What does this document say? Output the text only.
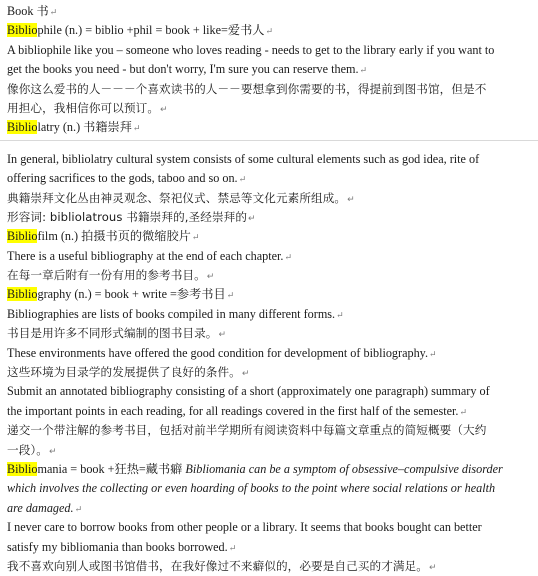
Book 书↵
Bibliophile (n.) = biblio +phil = book + like=爱书人↵
A bibliophile like you – someone who loves reading - needs to get to the library early if you want to
get the books you need - but don't worry, I'm sure you can reserve them.↵
像你这么爱书的人－－－个喜欢读书的人－－要想拿到你需要的书，得提前到图书馆，但是不
用担心，我相信你可以预订。↵
Bibliolatry (n.) 书籍崇拜↵
In general, bibliolatry cultural system consists of some cultural elements such as god idea, rite of
offering sacrifices to the gods, taboo and so on.↵
典籍崇拜文化丛由神灵观念、祭祀仪式、禁忌等文化元素所组成。↵
形容词: bibliolatrous 书籍崇拜的,圣经崇拜的↵
Bibliofilm (n.) 拍摄书页的微缩胶片↵
There is a useful bibliography at the end of each chapter.↵
在每一章后附有一份有用的参考书目。↵
Bibliography (n.) = book + write =参考书目↵
Bibliographies are lists of books compiled in many different forms.↵
书目是用许多不同形式编制的图书目录。↵
These environments have offered the good condition for development of bibliography.↵
这些环境为目录学的发展提供了良好的条件。↵
Submit an annotated bibliography consisting of a short (approximately one paragraph) summary of
the important points in each reading, for all readings covered in the first half of the semester.↵
递交一个带注解的参考书目，包括对前半学期所有阅读资料中每篇文章重点的简短概要（大约
一段）。↵
Bibliomania = book +狂热=藏书癖 Bibliomania can be a symptom of obsessive–compulsive disorder
which involves the collecting or even hoarding of books to the point where social relations or health
are damaged.↵
I never care to borrow books from other people or a library. It seems that books bought can better
satisfy my bibliomania than books borrowed.↵
我不喜欢向别人或图书馆借书，在我好像过不来癖似的，必要是自己买的才满足。↵
